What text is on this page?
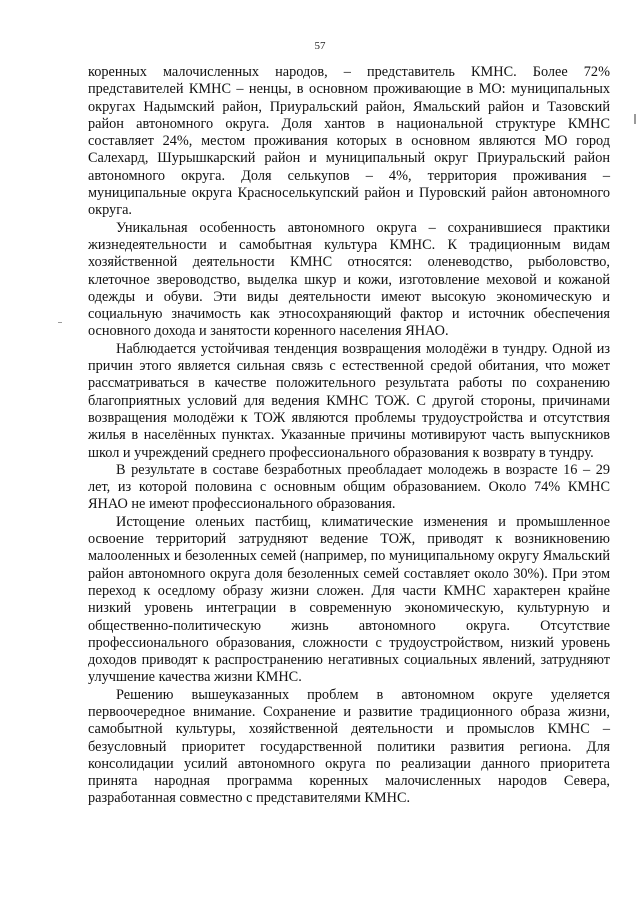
57

коренных малочисленных народов, – представитель КМНС. Более 72% представителей КМНС – ненцы, в основном проживающие в МО: муниципальных округах Надымский район, Приуральский район, Ямальский район и Тазовский район автономного округа. Доля хантов в национальной структуре КМНС составляет 24%, местом проживания которых в основном являются МО город Салехард, Шурышкарский район и муниципальный округ Приуральский район автономного округа. Доля селькупов – 4%, территория проживания – муниципальные округа Красноселькупский район и Пуровский район автономного округа.

Уникальная особенность автономного округа – сохранившиеся практики жизнедеятельности и самобытная культура КМНС. К традиционным видам хозяйственной деятельности КМНС относятся: оленеводство, рыболовство, клеточное звероводство, выделка шкур и кожи, изготовление меховой и кожаной одежды и обуви. Эти виды деятельности имеют высокую экономическую и социальную значимость как этносохраняющий фактор и источник обеспечения основного дохода и занятости коренного населения ЯНАО.

Наблюдается устойчивая тенденция возвращения молодёжи в тундру. Одной из причин этого является сильная связь с естественной средой обитания, что может рассматриваться в качестве положительного результата работы по сохранению благоприятных условий для ведения КМНС ТОЖ. С другой стороны, причинами возвращения молодёжи к ТОЖ являются проблемы трудоустройства и отсутствия жилья в населённых пунктах. Указанные причины мотивируют часть выпускников школ и учреждений среднего профессионального образования к возврату в тундру.

В результате в составе безработных преобладает молодежь в возрасте 16 – 29 лет, из которой половина с основным общим образованием. Около 74% КМНС ЯНАО не имеют профессионального образования.

Истощение оленьих пастбищ, климатические изменения и промышленное освоение территорий затрудняют ведение ТОЖ, приводят к возникновению малооленных и безоленных семей (например, по муниципальному округу Ямальский район автономного округа доля безоленных семей составляет около 30%). При этом переход к оседлому образу жизни сложен. Для части КМНС характерен крайне низкий уровень интеграции в современную экономическую, культурную и общественно-политическую жизнь автономного округа. Отсутствие профессионального образования, сложности с трудоустройством, низкий уровень доходов приводят к распространению негативных социальных явлений, затрудняют улучшение качества жизни КМНС.

Решению вышеуказанных проблем в автономном округе уделяется первоочередное внимание. Сохранение и развитие традиционного образа жизни, самобытной культуры, хозяйственной деятельности и промыслов КМНС – безусловный приоритет государственной политики развития региона. Для консолидации усилий автономного округа по реализации данного приоритета принята народная программа коренных малочисленных народов Севера, разработанная совместно с представителями КМНС.
